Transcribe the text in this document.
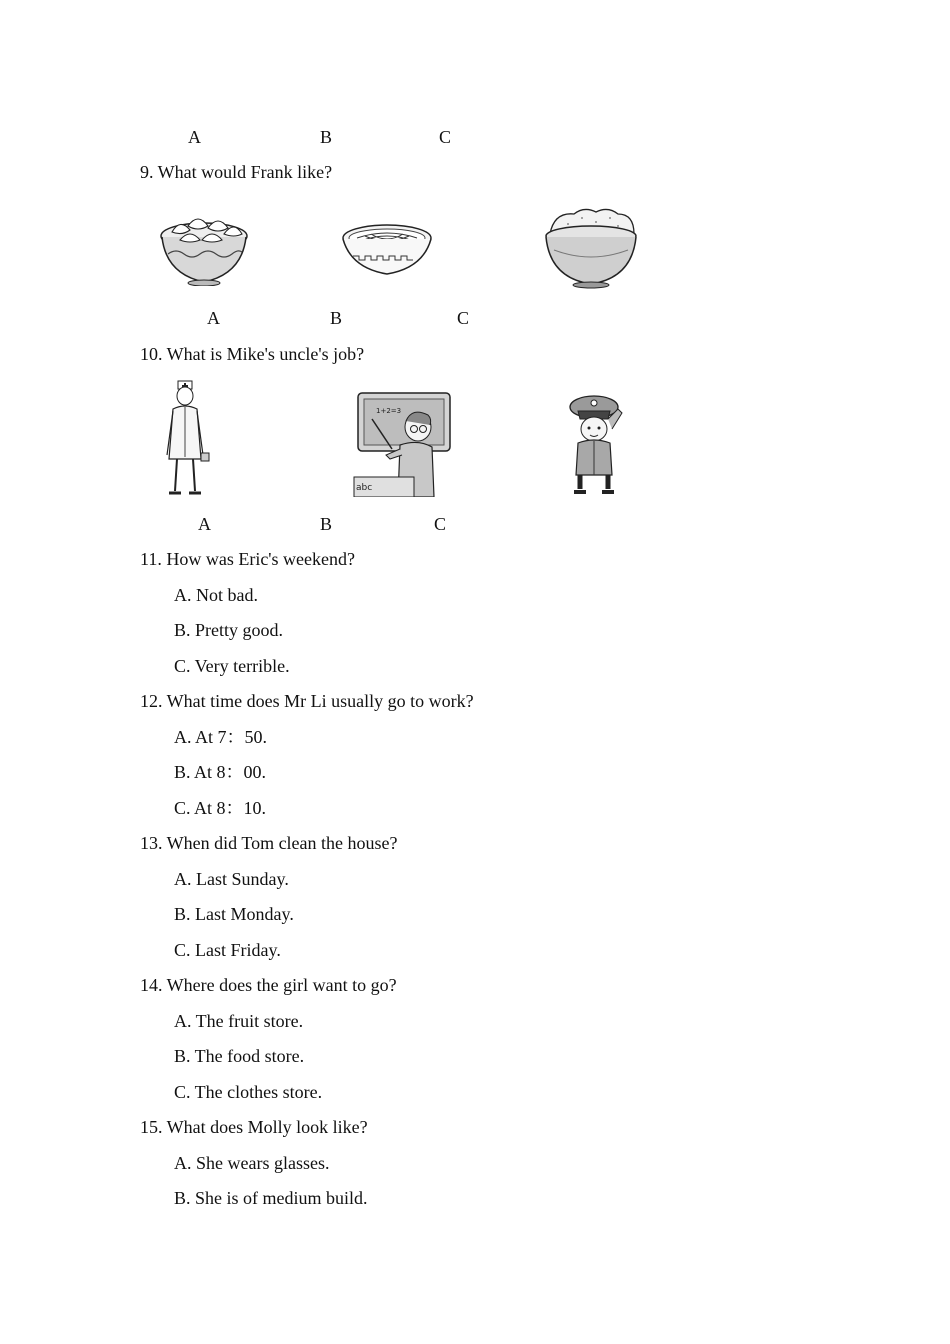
A	B	C
9. What would Frank like?
A	B	C
10. What is Mike's uncle's job?
1+2=3
abc
A	B	C
11. How was Eric's weekend?
A. Not bad.
B. Pretty good.
C. Very terrible.
12. What time does Mr Li usually go to work?
A. At 7：50.
B. At 8：00.
C. At 8：10.
13. When did Tom clean the house?
A. Last Sunday.
B. Last Monday.
C. Last Friday.
14. Where does the girl want to go?
A. The fruit store.
B. The food store.
C. The clothes store.
15. What does Molly look like?
A. She wears glasses.
B. She is of medium build.
